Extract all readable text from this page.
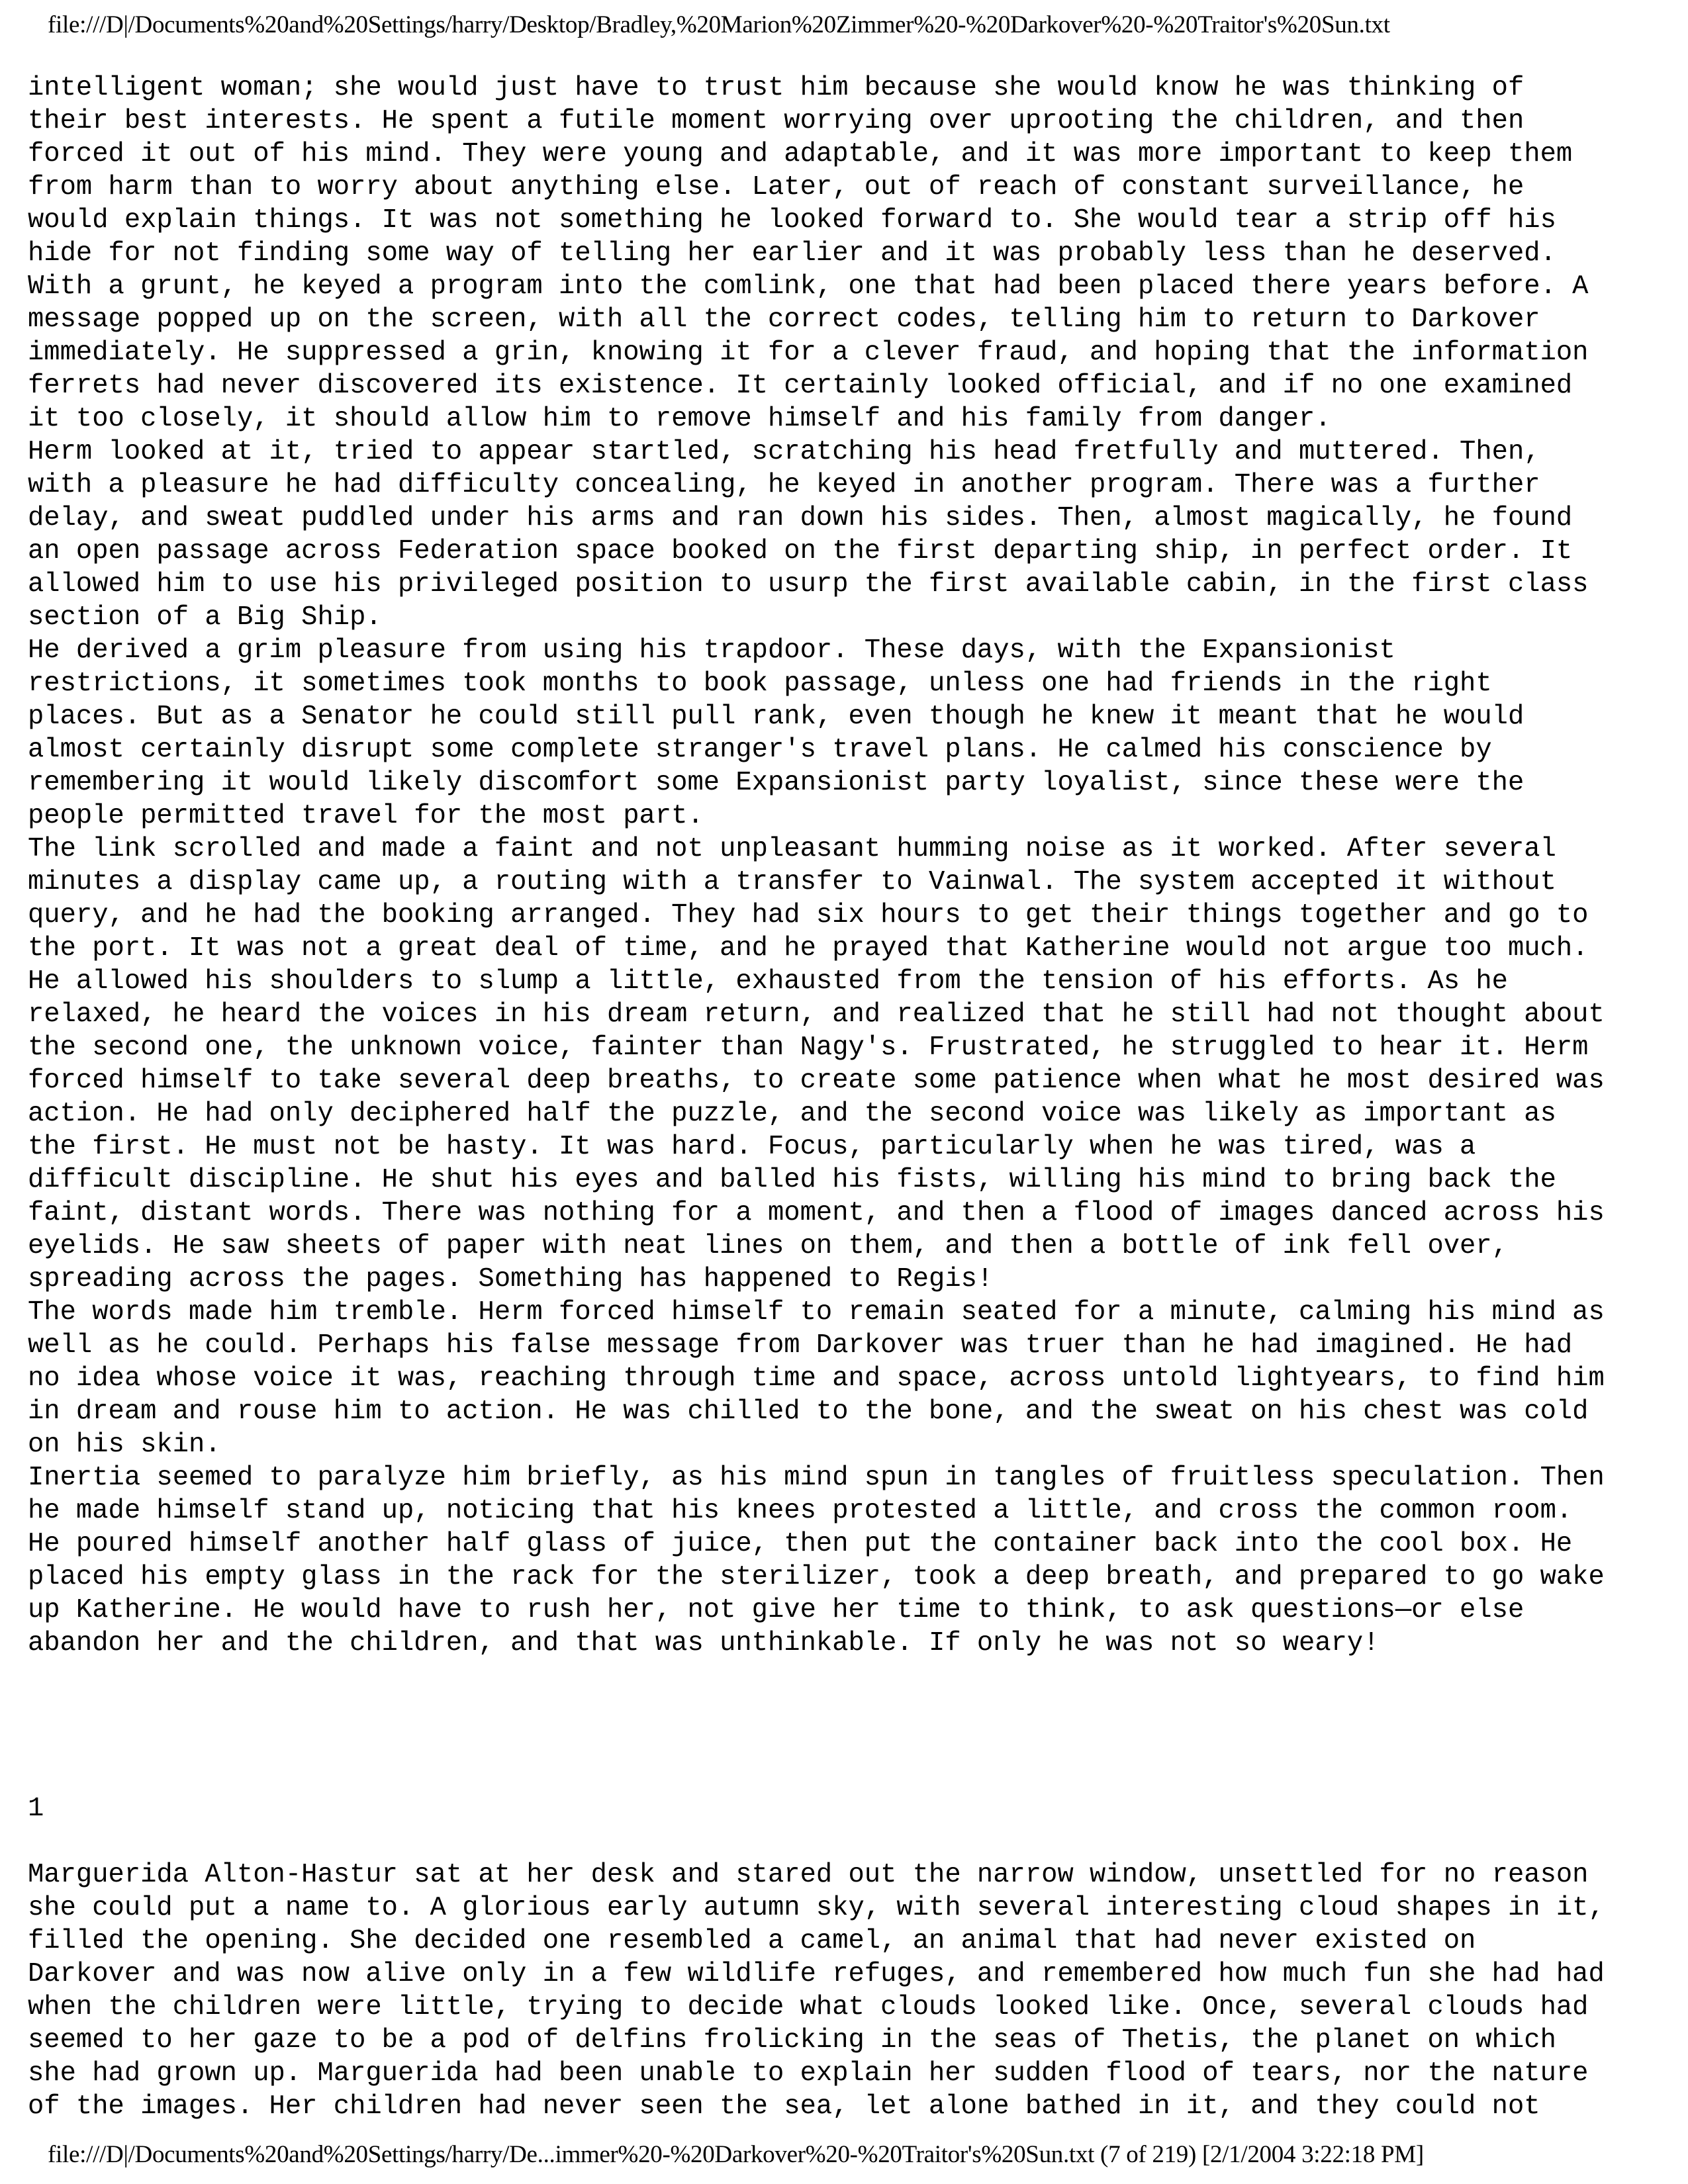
file:///D|/Documents%20and%20Settings/harry/Desktop/Bradley,%20Marion%20Zimmer%20-%20Darkover%20-%20Traitor's%20Sun.txt
intelligent woman; she would just have to trust him because she would know he was thinking of
their best interests. He spent a futile moment worrying over uprooting the children, and then
forced it out of his mind. They were young and adaptable, and it was more important to keep them
from harm than to worry about anything else. Later, out of reach of constant surveillance, he
would explain things. It was not something he looked forward to. She would tear a strip off his
hide for not finding some way of telling her earlier and it was probably less than he deserved.
With a grunt, he keyed a program into the comlink, one that had been placed there years before. A
message popped up on the screen, with all the correct codes, telling him to return to Darkover
immediately. He suppressed a grin, knowing it for a clever fraud, and hoping that the information
ferrets had never discovered its existence. It certainly looked official, and if no one examined
it too closely, it should allow him to remove himself and his family from danger.
Herm looked at it, tried to appear startled, scratching his head fretfully and muttered. Then,
with a pleasure he had difficulty concealing, he keyed in another program. There was a further
delay, and sweat puddled under his arms and ran down his sides. Then, almost magically, he found
an open passage across Federation space booked on the first departing ship, in perfect order. It
allowed him to use his privileged position to usurp the first available cabin, in the first class
section of a Big Ship.
He derived a grim pleasure from using his trapdoor. These days, with the Expansionist
restrictions, it sometimes took months to book passage, unless one had friends in the right
places. But as a Senator he could still pull rank, even though he knew it meant that he would
almost certainly disrupt some complete stranger's travel plans. He calmed his conscience by
remembering it would likely discomfort some Expansionist party loyalist, since these were the
people permitted travel for the most part.
The link scrolled and made a faint and not unpleasant humming noise as it worked. After several
minutes a display came up, a routing with a transfer to Vainwal. The system accepted it without
query, and he had the booking arranged. They had six hours to get their things together and go to
the port. It was not a great deal of time, and he prayed that Katherine would not argue too much.
He allowed his shoulders to slump a little, exhausted from the tension of his efforts. As he
relaxed, he heard the voices in his dream return, and realized that he still had not thought about
the second one, the unknown voice, fainter than Nagy's. Frustrated, he struggled to hear it. Herm
forced himself to take several deep breaths, to create some patience when what he most desired was
action. He had only deciphered half the puzzle, and the second voice was likely as important as
the first. He must not be hasty. It was hard. Focus, particularly when he was tired, was a
difficult discipline. He shut his eyes and balled his fists, willing his mind to bring back the
faint, distant words. There was nothing for a moment, and then a flood of images danced across his
eyelids. He saw sheets of paper with neat lines on them, and then a bottle of ink fell over,
spreading across the pages. Something has happened to Regis!
The words made him tremble. Herm forced himself to remain seated for a minute, calming his mind as
well as he could. Perhaps his false message from Darkover was truer than he had imagined. He had
no idea whose voice it was, reaching through time and space, across untold lightyears, to find him
in dream and rouse him to action. He was chilled to the bone, and the sweat on his chest was cold
on his skin.
Inertia seemed to paralyze him briefly, as his mind spun in tangles of fruitless speculation. Then
he made himself stand up, noticing that his knees protested a little, and cross the common room.
He poured himself another half glass of juice, then put the container back into the cool box. He
placed his empty glass in the rack for the sterilizer, took a deep breath, and prepared to go wake
up Katherine. He would have to rush her, not give her time to think, to ask questions—or else
abandon her and the children, and that was unthinkable. If only he was not so weary!
1
Marguerida Alton-Hastur sat at her desk and stared out the narrow window, unsettled for no reason
she could put a name to. A glorious early autumn sky, with several interesting cloud shapes in it,
filled the opening. She decided one resembled a camel, an animal that had never existed on
Darkover and was now alive only in a few wildlife refuges, and remembered how much fun she had had
when the children were little, trying to decide what clouds looked like. Once, several clouds had
seemed to her gaze to be a pod of delfins frolicking in the seas of Thetis, the planet on which
she had grown up. Marguerida had been unable to explain her sudden flood of tears, nor the nature
of the images. Her children had never seen the sea, let alone bathed in it, and they could not
file:///D|/Documents%20and%20Settings/harry/De...immer%20-%20Darkover%20-%20Traitor's%20Sun.txt (7 of 219) [2/1/2004 3:22:18 PM]
